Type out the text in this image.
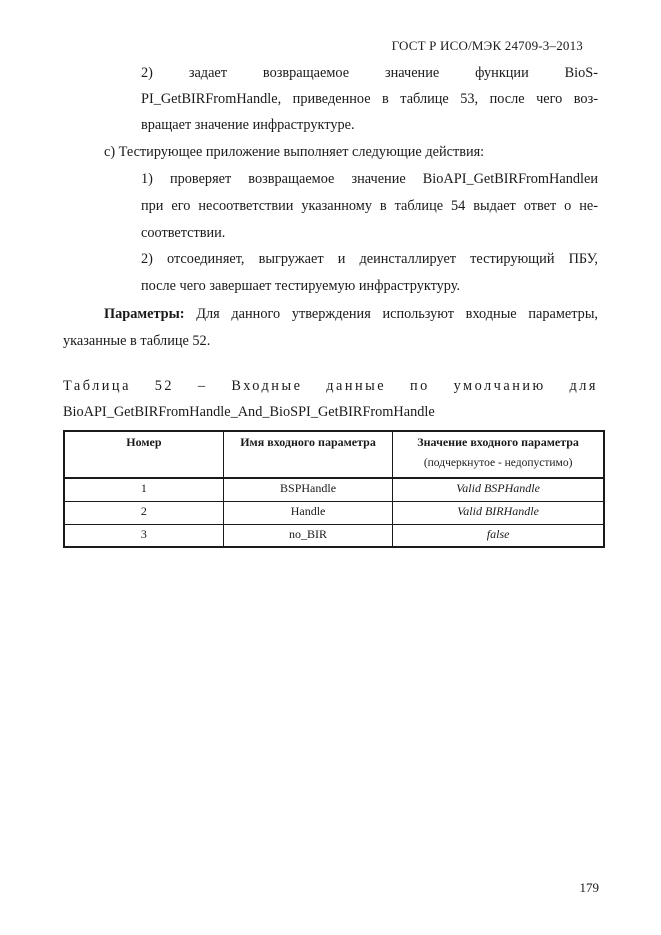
ГОСТ Р ИСО/МЭК 24709-3–2013
2) задает возвращаемое значение функции BioS-
PI_GetBIRFromHandle, приведенное в таблице 53, после чего воз-
вращает значение инфраструктуре.
c) Тестирующее приложение выполняет следующие действия:
1) проверяет возвращаемое значение BioAPI_GetBIRFromHandleи
при его несоответствии указанному в таблице 54 выдает ответ о не-
соответствии.
2) отсоединяет, выгружает и деинсталлирует тестирующий ПБУ,
после чего завершает тестируемую инфраструктуру.
Параметры: Для данного утверждения используют входные параметры,
указанные в таблице 52.
Таблица 52 – Входные данные по умолчанию для
BioAPI_GetBIRFromHandle_And_BioSPI_GetBIRFromHandle
Номер	Имя входного параметра	Значение входного параметра
(подчеркнутое - недопустимо)

1	BSPHandle	Valid BSPHandle
2	Handle	Valid BIRHandle
3	no_BIR	false
179
